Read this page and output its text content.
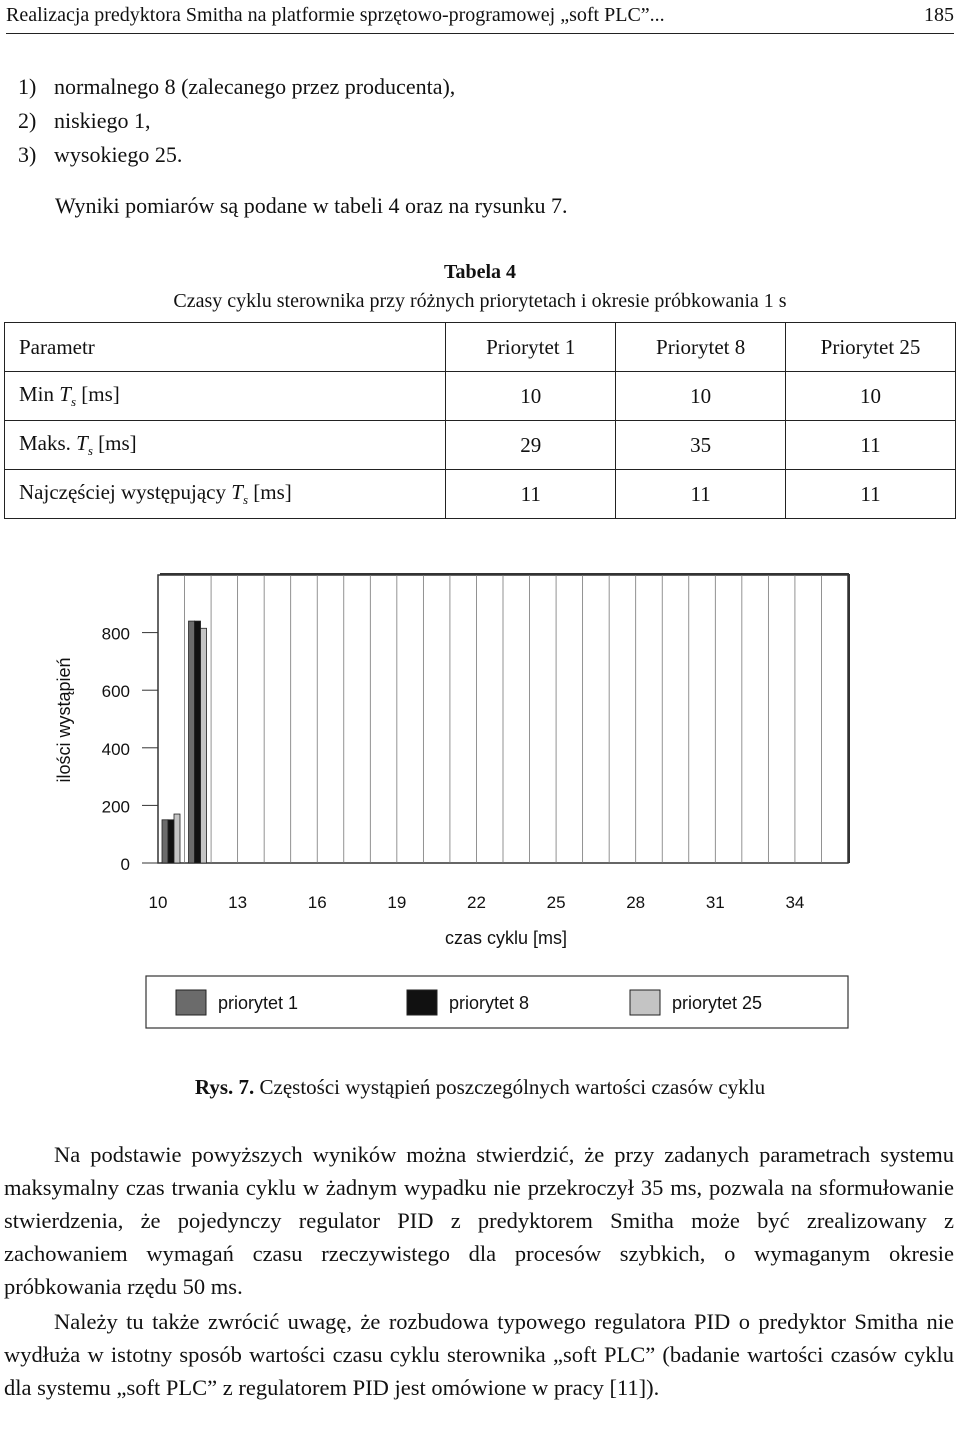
Realizacja predyktora Smitha na platformie sprzętowo-programowej „soft PLC”...	185
1) normalnego 8 (zalecanego przez producenta),
2) niskiego 1,
3) wysokiego 25.
Wyniki pomiarów są podane w tabeli 4 oraz na rysunku 7.
Tabela 4
Czasy cyklu sterownika przy różnych priorytetach i okresie próbkowania 1 s
Parametr	Priorytet 1	Priorytet 8	Priorytet 25
Min $T_s$ [ms]	10	10	10
Maks. $T_s$ [ms]	29	35	11
Najczęściej występujący $T_s$ [ms]	11	11	11
0
200
400
600
800
10	13	16	19	22	25	28	31	34
czas cyklu [ms]
ilości wystąpień
priorytet 1	priorytet 8	priorytet 25
Rys. 7. Częstości wystąpień poszczególnych wartości czasów cyklu

Na podstawie powyższych wyników można stwierdzić, że przy zadanych parametrach systemu maksymalny czas trwania cyklu w żadnym wypadku nie przekroczył 35 ms, pozwala na sformułowanie stwierdzenia, że pojedynczy regulator PID z predyktorem Smitha może być zrealizowany z zachowaniem wymagań czasu rzeczywistego dla procesów szybkich, o wymaganym okresie próbkowania rzędu 50 ms.

Należy tu także zwrócić uwagę, że rozbudowa typowego regulatora PID o predyktor Smitha nie wydłuża w istotny sposób wartości czasu cyklu sterownika „soft PLC” (badanie wartości czasów cyklu dla systemu „soft PLC” z regulatorem PID jest omówione w pracy [11]).
